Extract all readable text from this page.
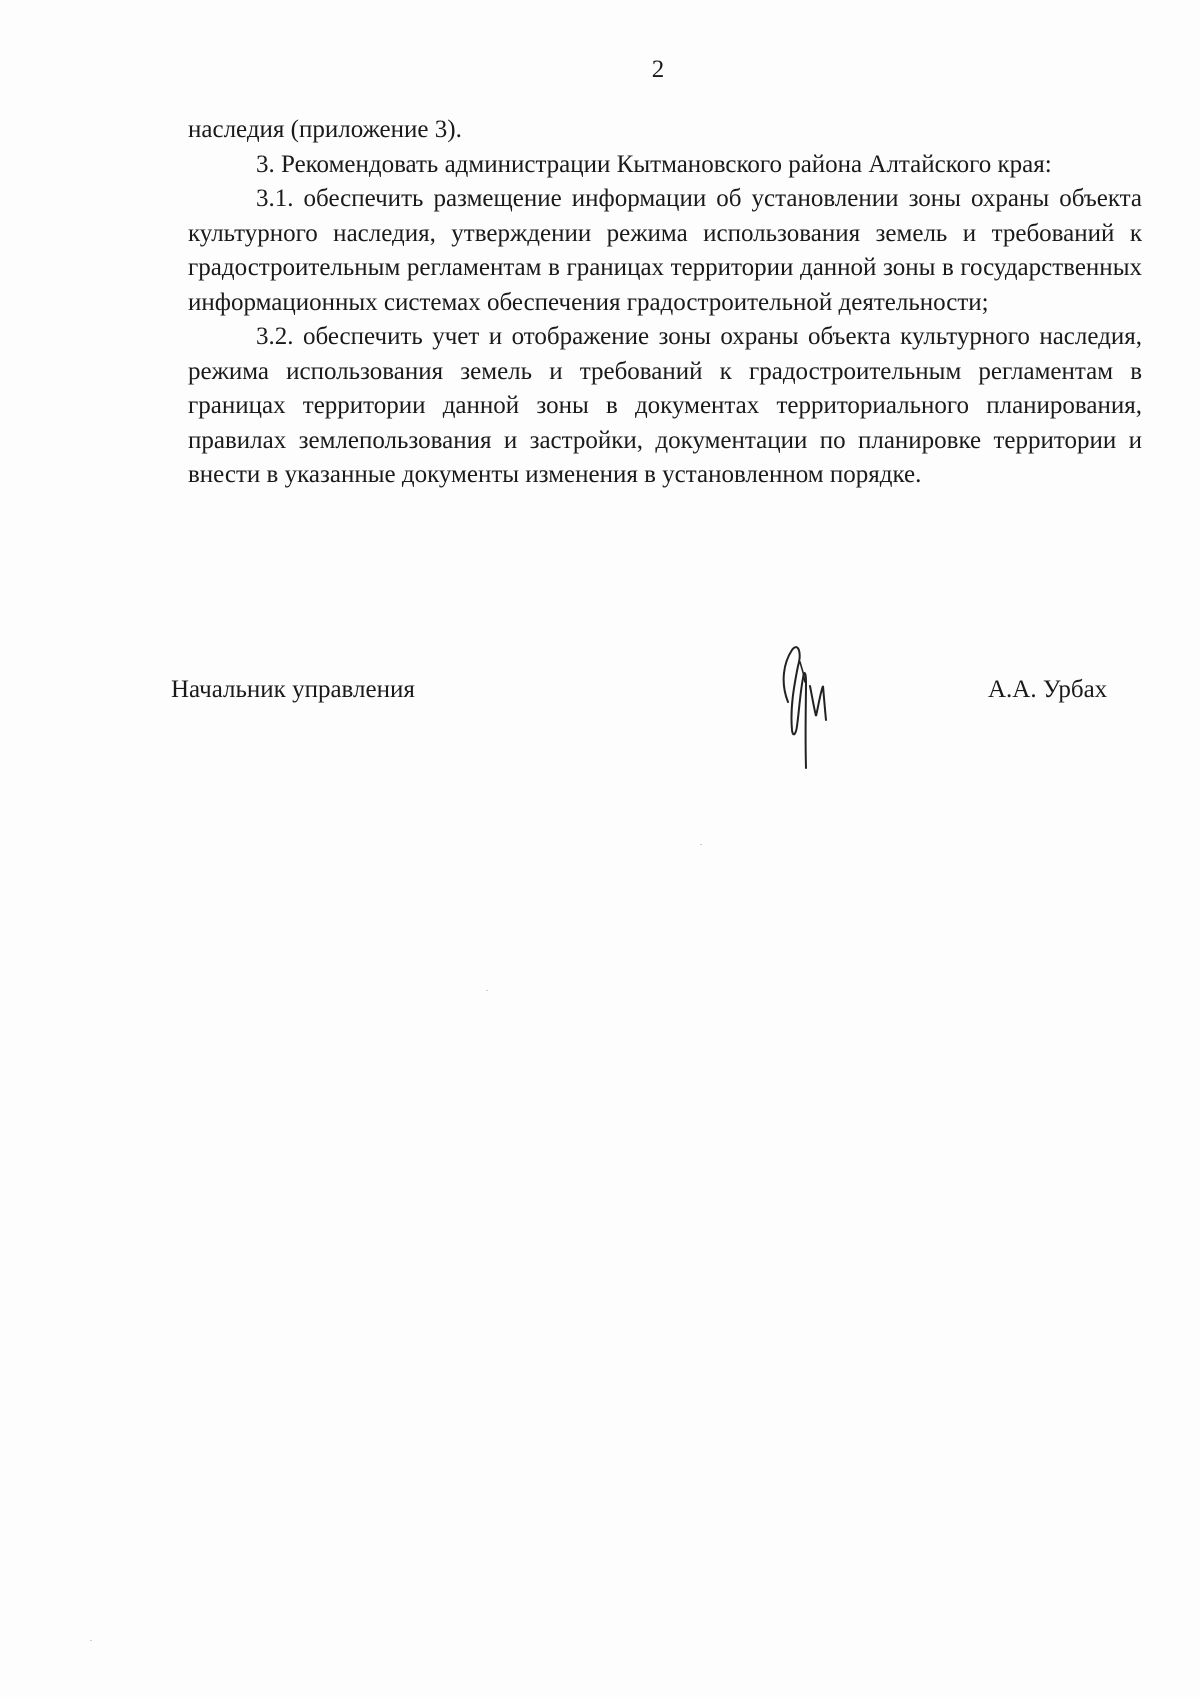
2

наследия (приложение 3).

3. Рекомендовать администрации Кытмановского района Алтайского края:

3.1. обеспечить размещение информации об установлении зоны охраны объекта культурного наследия, утверждении режима использования земель и требований к градостроительным регламентам в границах территории данной зоны в государственных информационных системах обеспечения градостроительной деятельности;

3.2. обеспечить учет и отображение зоны охраны объекта культурного наследия, режима использования земель и требований к градостроительным регламентам в границах территории данной зоны в документах территориального планирования, правилах землепользования и застройки, документации по планировке территории и внести в указанные документы изменения в установленном порядке.

Начальник управления	А.А. Урбах
